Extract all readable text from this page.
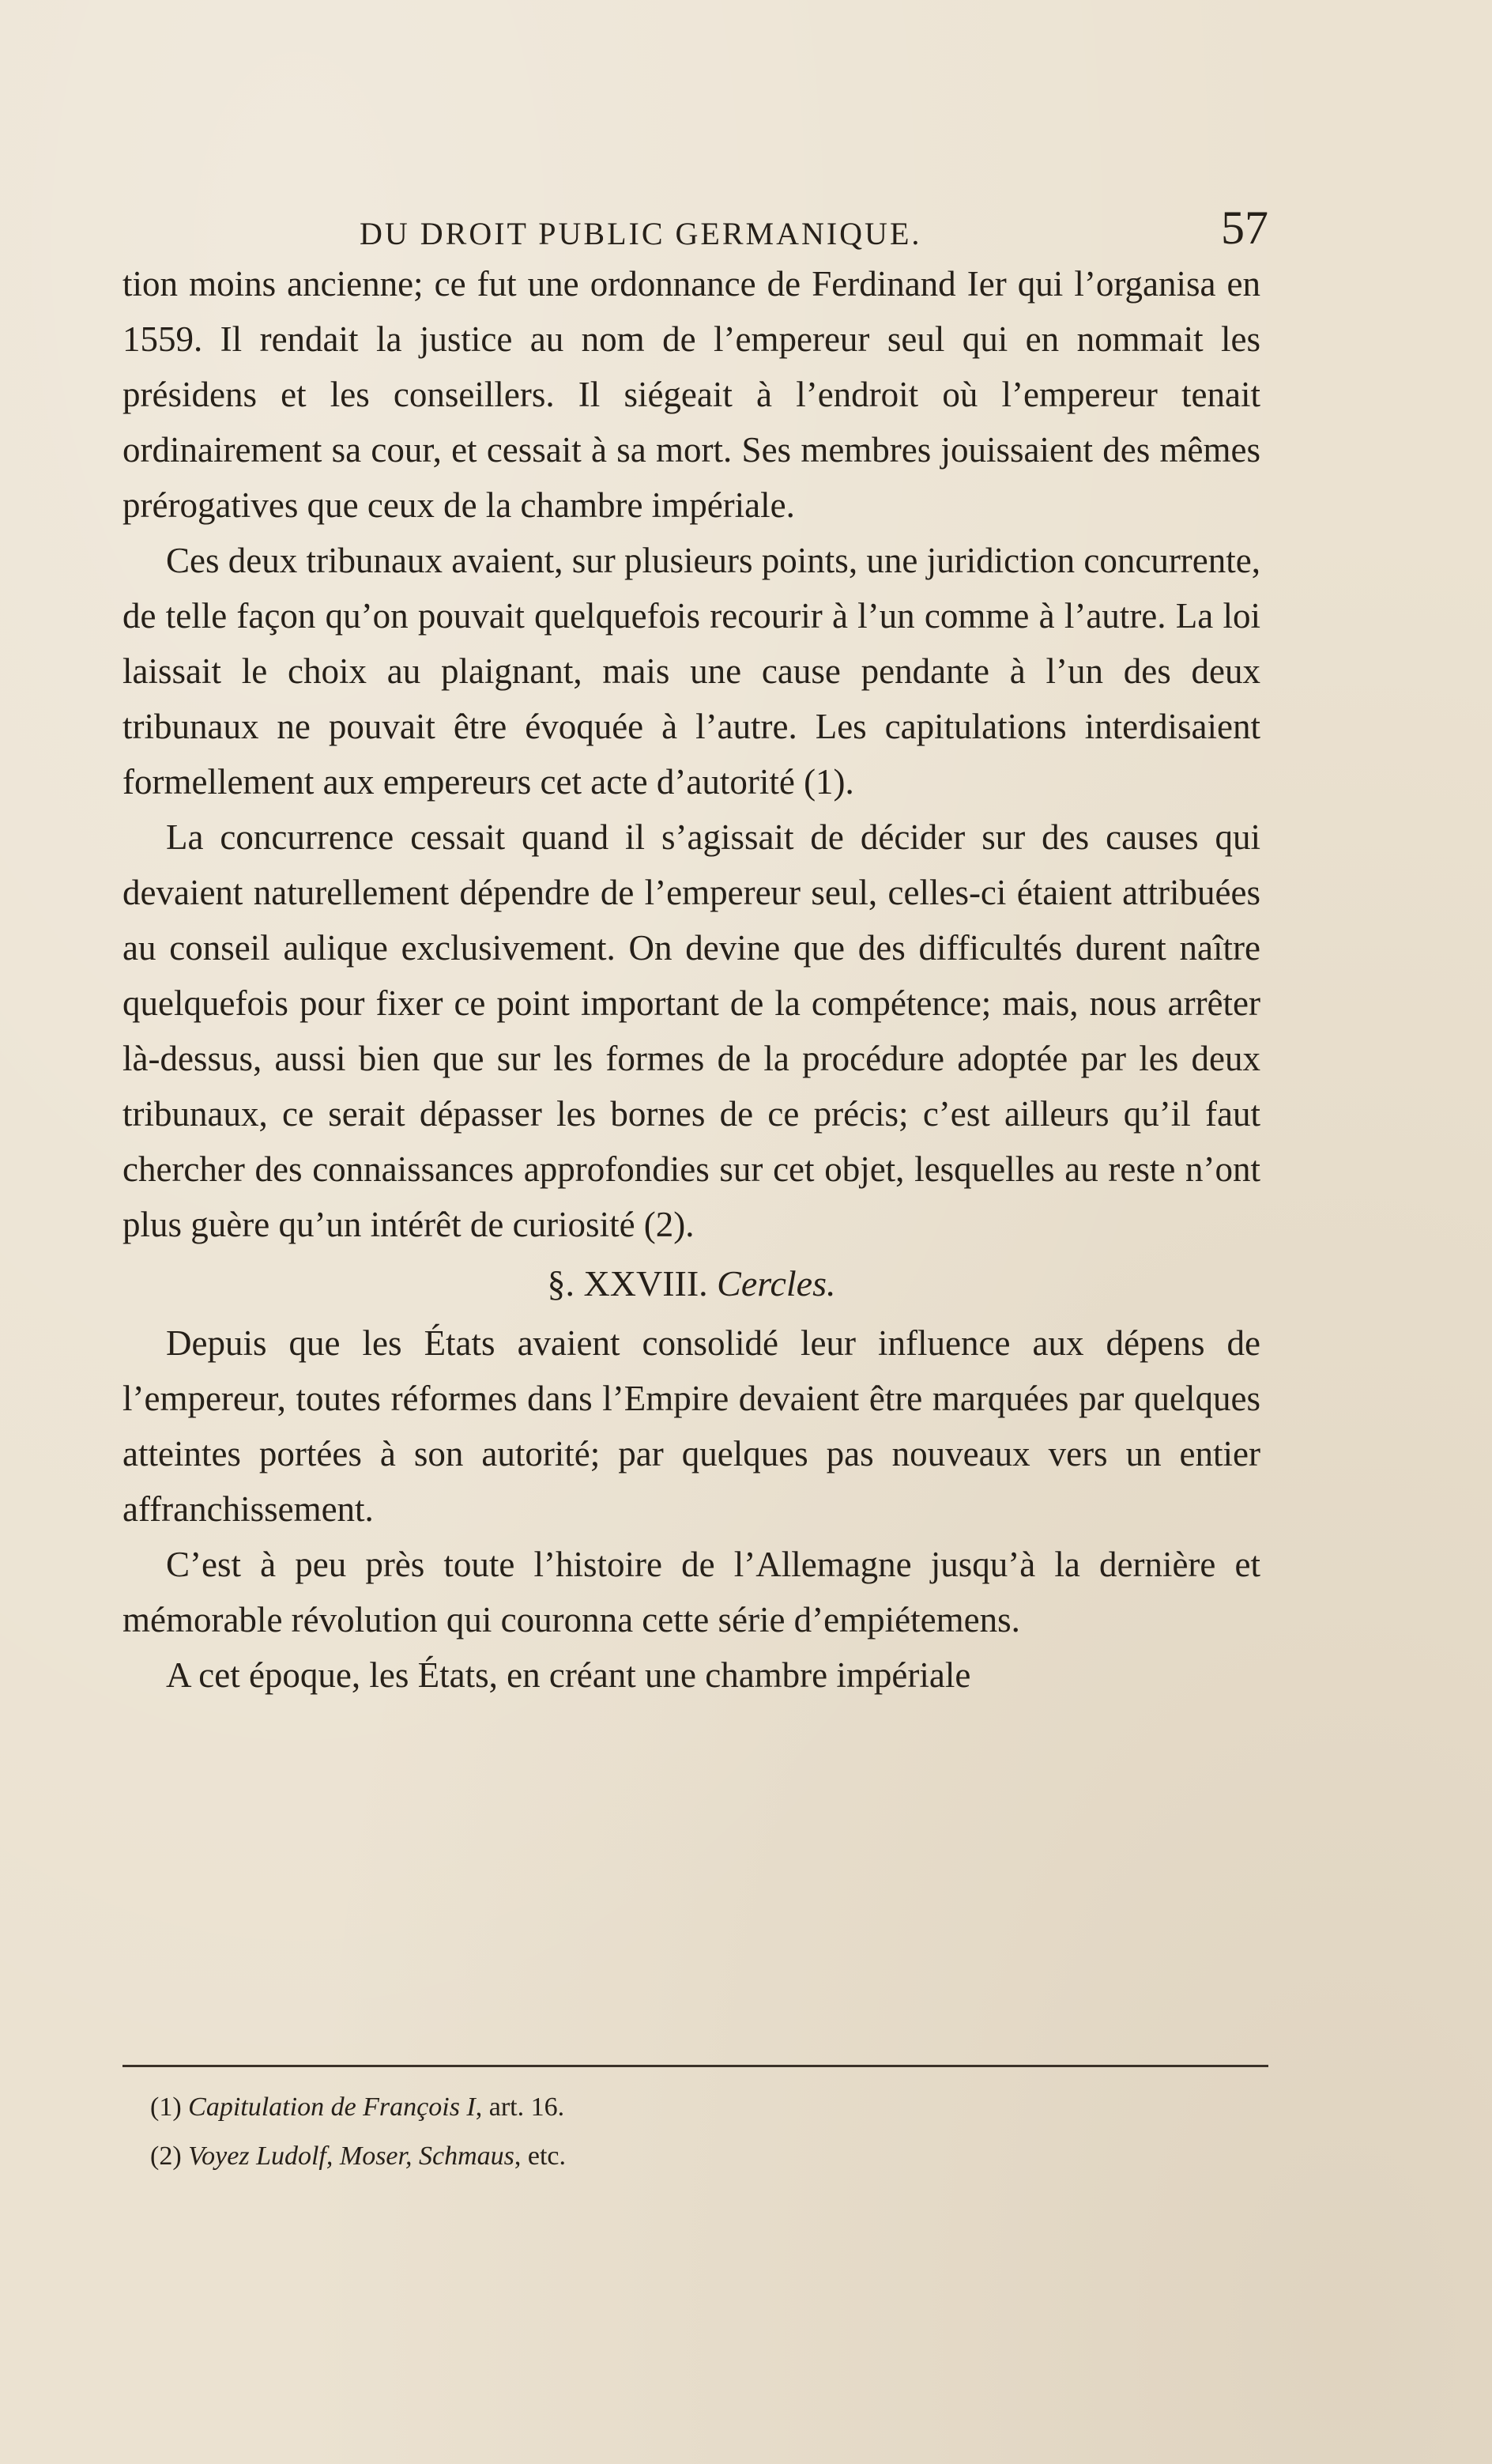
DU DROIT PUBLIC GERMANIQUE.	57

tion moins ancienne; ce fut une ordonnance de Ferdinand Ier qui l’organisa en 1559. Il rendait la justice au nom de l’empereur seul qui en nommait les présidens et les conseillers. Il siégeait à l’endroit où l’empereur tenait ordinairement sa cour, et cessait à sa mort. Ses membres jouissaient des mêmes prérogatives que ceux de la chambre impériale.

Ces deux tribunaux avaient, sur plusieurs points, une juridiction concurrente, de telle façon qu’on pouvait quelquefois recourir à l’un comme à l’autre. La loi laissait le choix au plaignant, mais une cause pendante à l’un des deux tribunaux ne pouvait être évoquée à l’autre. Les capitulations interdisaient formellement aux empereurs cet acte d’autorité (1).

La concurrence cessait quand il s’agissait de décider sur des causes qui devaient naturellement dépendre de l’empereur seul, celles-ci étaient attribuées au conseil aulique exclusivement. On devine que des difficultés durent naître quelquefois pour fixer ce point important de la compétence; mais, nous arrêter là-dessus, aussi bien que sur les formes de la procédure adoptée par les deux tribunaux, ce serait dépasser les bornes de ce précis; c’est ailleurs qu’il faut chercher des connaissances approfondies sur cet objet, lesquelles au reste n’ont plus guère qu’un intérêt de curiosité (2).

§. XXVIII. Cercles.

Depuis que les États avaient consolidé leur influence aux dépens de l’empereur, toutes réformes dans l’Empire devaient être marquées par quelques atteintes portées à son autorité; par quelques pas nouveaux vers un entier affranchissement.

C’est à peu près toute l’histoire de l’Allemagne jusqu’à la dernière et mémorable révolution qui couronna cette série d’empiétemens.

A cet époque, les États, en créant une chambre impériale

(1) Capitulation de François I, art. 16.
(2) Voyez Ludolf, Moser, Schmaus, etc.
